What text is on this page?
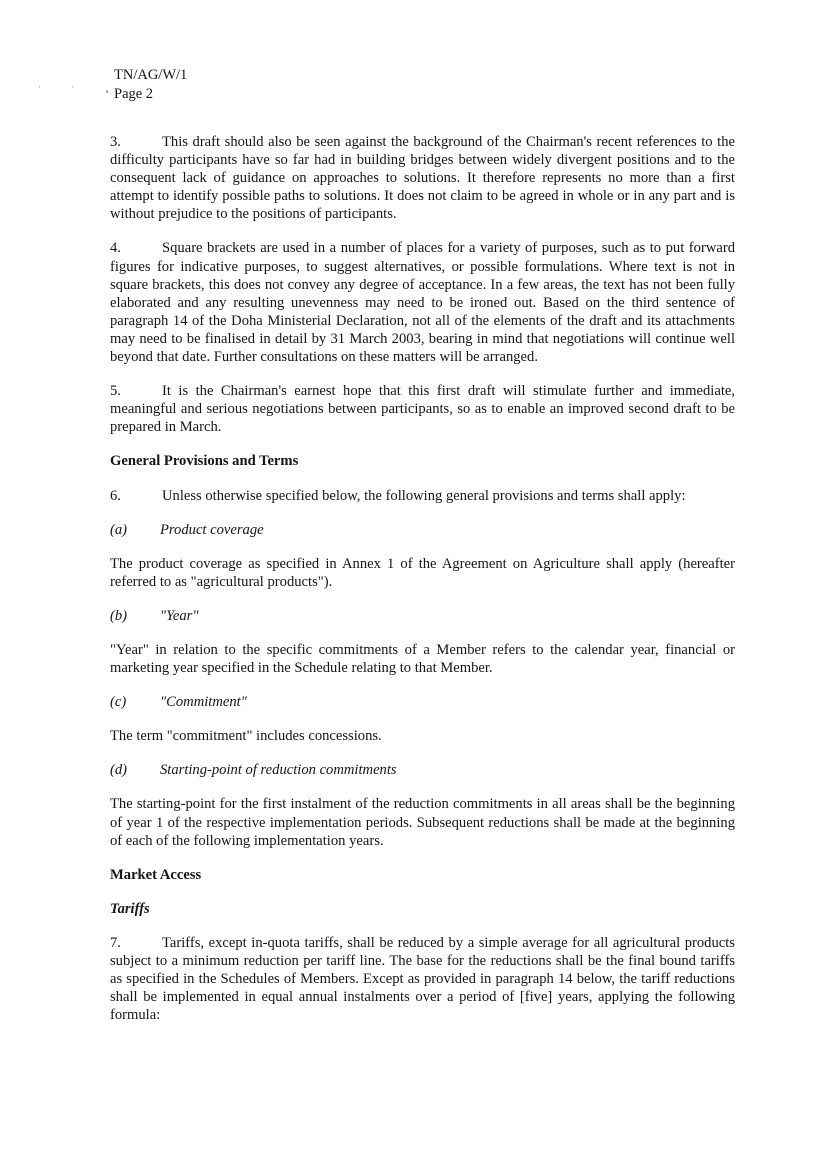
· ·
TN/AG/W/1
' Page 2

3.	This draft should also be seen against the background of the Chairman's recent references to the difficulty participants have so far had in building bridges between widely divergent positions and to the consequent lack of guidance on approaches to solutions. It therefore represents no more than a first attempt to identify possible paths to solutions. It does not claim to be agreed in whole or in any part and is without prejudice to the positions of participants.

4.	Square brackets are used in a number of places for a variety of purposes, such as to put forward figures for indicative purposes, to suggest alternatives, or possible formulations. Where text is not in square brackets, this does not convey any degree of acceptance. In a few areas, the text has not been fully elaborated and any resulting unevenness may need to be ironed out. Based on the third sentence of paragraph 14 of the Doha Ministerial Declaration, not all of the elements of the draft and its attachments may need to be finalised in detail by 31 March 2003, bearing in mind that negotiations will continue well beyond that date. Further consultations on these matters will be arranged.

5.	It is the Chairman's earnest hope that this first draft will stimulate further and immediate, meaningful and serious negotiations between participants, so as to enable an improved second draft to be prepared in March.

General Provisions and Terms

6.	Unless otherwise specified below, the following general provisions and terms shall apply:

(a) Product coverage

The product coverage as specified in Annex 1 of the Agreement on Agriculture shall apply (hereafter referred to as "agricultural products").

(b) "Year"

"Year" in relation to the specific commitments of a Member refers to the calendar year, financial or marketing year specified in the Schedule relating to that Member.

(c) "Commitment"

The term "commitment" includes concessions.

(d) Starting-point of reduction commitments

The starting-point for the first instalment of the reduction commitments in all areas shall be the beginning of year 1 of the respective implementation periods. Subsequent reductions shall be made at the beginning of each of the following implementation years.

Market Access
Tariffs

7.	Tariffs, except in-quota tariffs, shall be reduced by a simple average for all agricultural products subject to a minimum reduction per tariff line. The base for the reductions shall be the final bound tariffs as specified in the Schedules of Members. Except as provided in paragraph 14 below, the tariff reductions shall be implemented in equal annual instalments over a period of [five] years, applying the following formula:
